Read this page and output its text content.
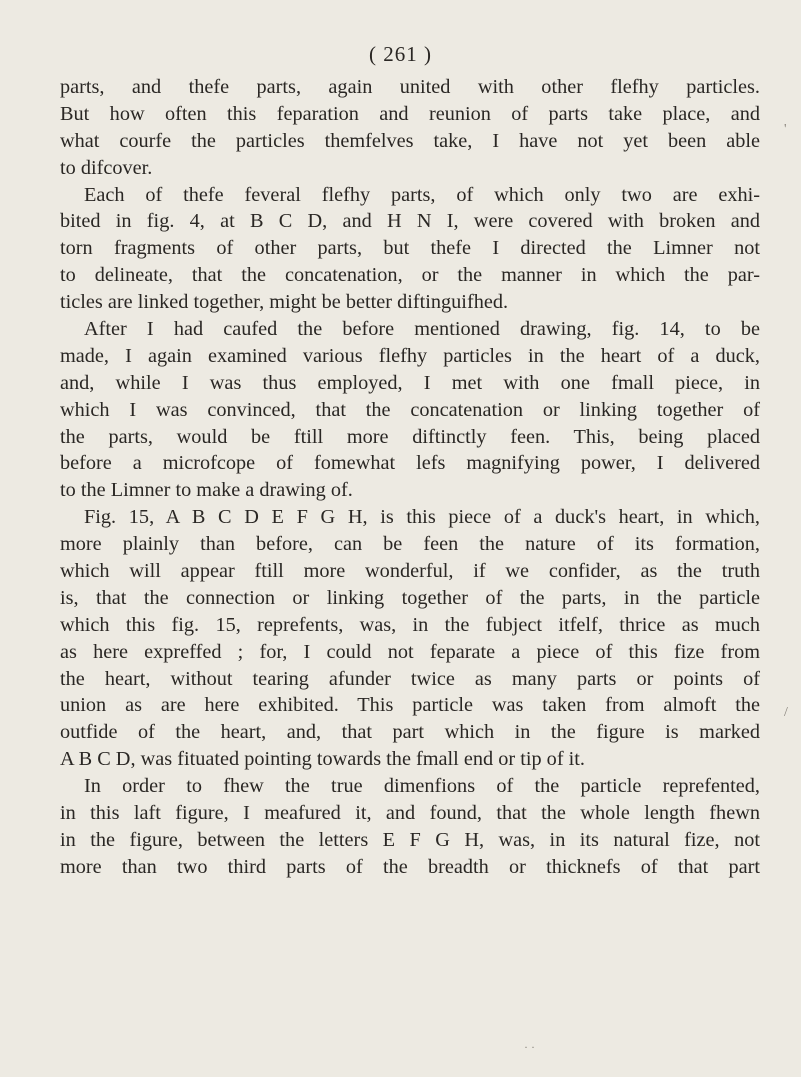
( 261 )
parts, and thefe parts, again united with other flefhy particles.
But how often this feparation and reunion of parts take place, and
what courfe the particles themfelves take, I have not yet been able
to difcover.
Each of thefe feveral flefhy parts, of which only two are exhi-
bited in fig. 4, at B C D, and H N I, were covered with broken and
torn fragments of other parts, but thefe I directed the Limner not
to delineate, that the concatenation, or the manner in which the par-
ticles are linked together, might be better diftinguifhed.
After I had caufed the before mentioned drawing, fig. 14, to be
made, I again examined various flefhy particles in the heart of a duck,
and, while I was thus employed, I met with one fmall piece, in
which I was convinced, that the concatenation or linking together of
the parts, would be ftill more diftinctly feen. This, being placed
before a microfcope of fomewhat lefs magnifying power, I delivered
to the Limner to make a drawing of.
Fig. 15, A B C D E F G H, is this piece of a duck's heart, in which,
more plainly than before, can be feen the nature of its formation,
which will appear ftill more wonderful, if we confider, as the truth
is, that the connection or linking together of the parts, in the particle
which this fig. 15, reprefents, was, in the fubject itfelf, thrice as much
as here expreffed ; for, I could not feparate a piece of this fize from
the heart, without tearing afunder twice as many parts or points of
union as are here exhibited. This particle was taken from almoft the
outfide of the heart, and, that part which in the figure is marked
A B C D, was fituated pointing towards the fmall end or tip of it.
In order to fhew the true dimenfions of the particle reprefented,
in this laft figure, I meafured it, and found, that the whole length fhewn
in the figure, between the letters E F G H, was, in its natural fize, not
more than two third parts of the breadth or thicknefs of that part
'
/
· ·
